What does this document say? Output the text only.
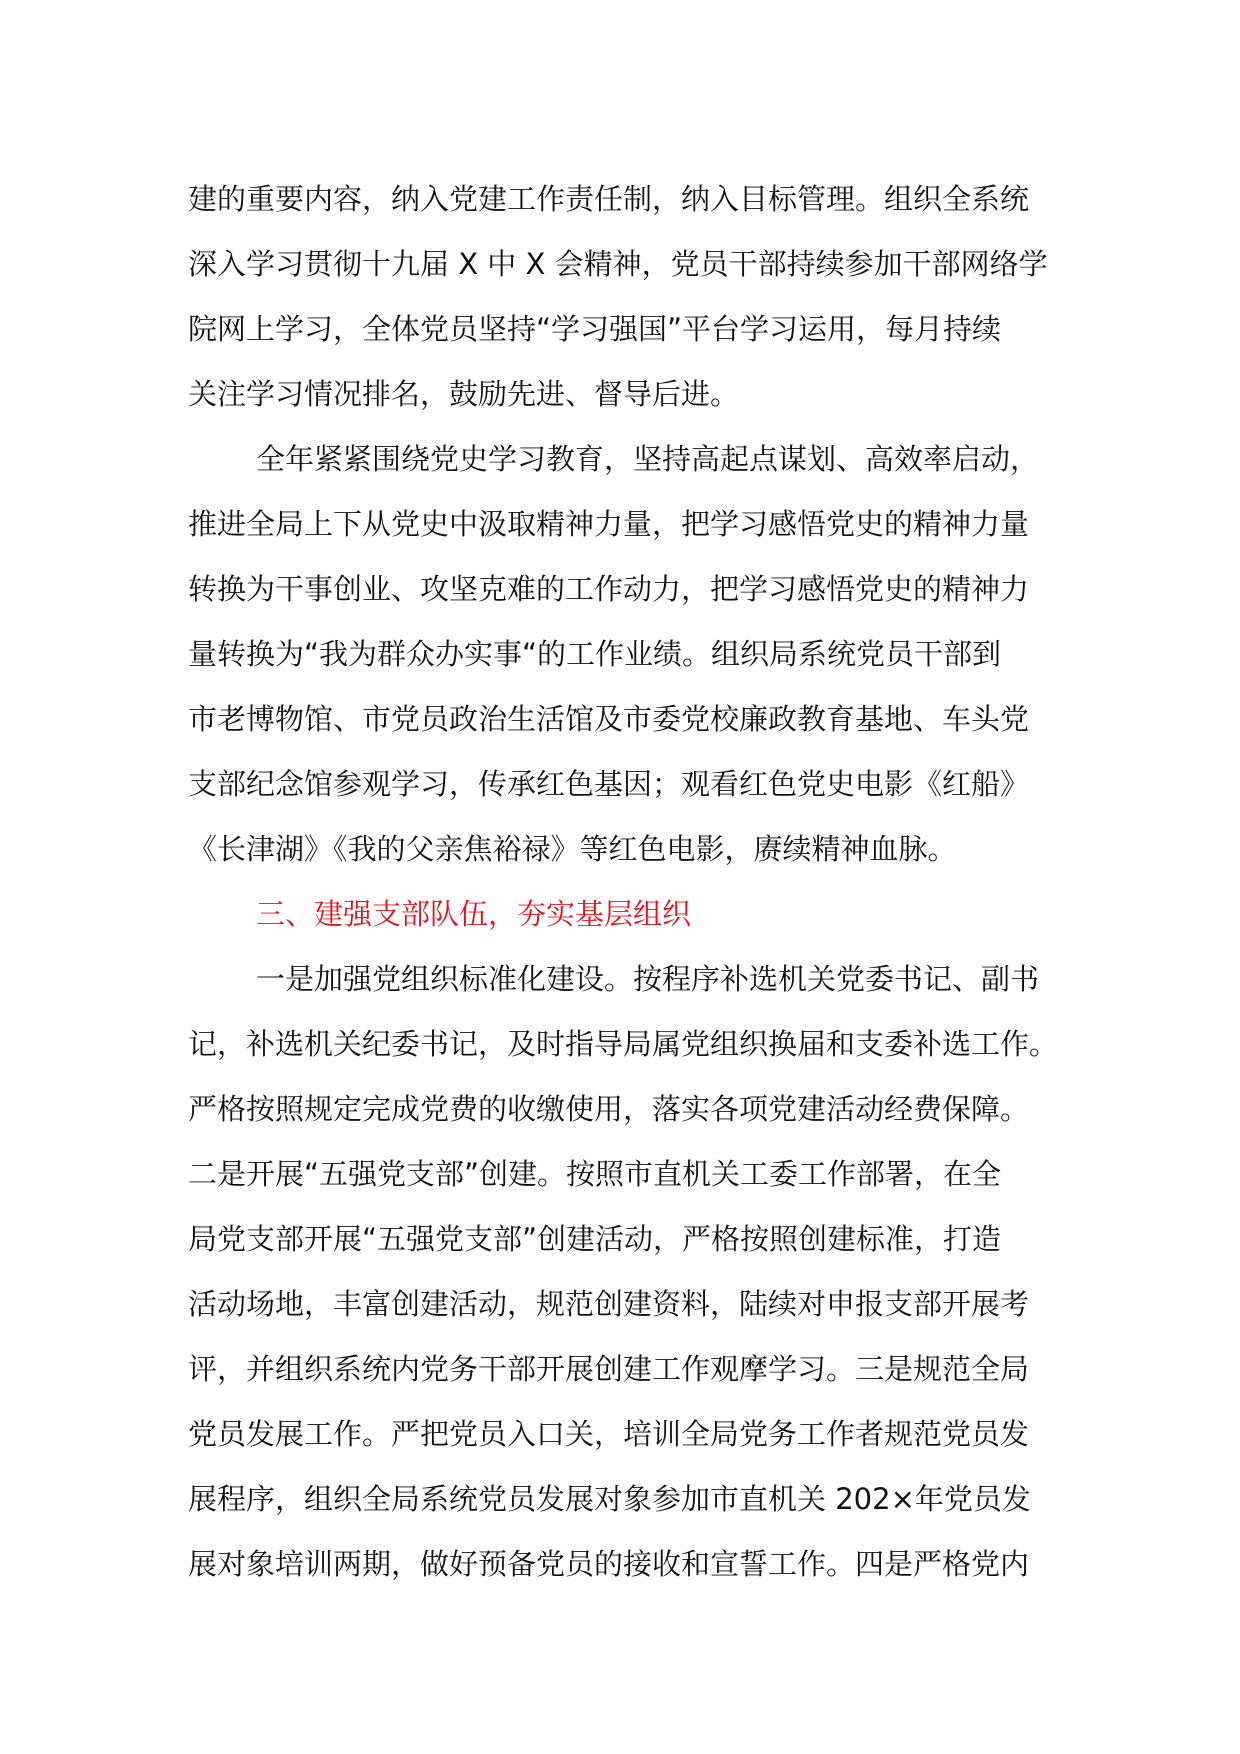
建的重要内容，纳入党建工作责任制，纳入目标管理。组织全系统
深入学习贯彻十九届 X 中 X 会精神，党员干部持续参加干部网络学
院网上学习，全体党员坚持“学习强国”平台学习运用，每月持续
关注学习情况排名，鼓励先进、督导后进。
全年紧紧围绕党史学习教育，坚持高起点谋划、高效率启动，
推进全局上下从党史中汲取精神力量，把学习感悟党史的精神力量
转换为干事创业、攻坚克难的工作动力，把学习感悟党史的精神力
量转换为“我为群众办实事“的工作业绩。组织局系统党员干部到
市老博物馆、市党员政治生活馆及市委党校廉政教育基地、车头党
支部纪念馆参观学习，传承红色基因；观看红色党史电影《红船》
《长津湖》《我的父亲焦裕禄》等红色电影，赓续精神血脉。
三、建强支部队伍，夯实基层组织
一是加强党组织标准化建设。按程序补选机关党委书记、副书
记，补选机关纪委书记，及时指导局属党组织换届和支委补选工作。
严格按照规定完成党费的收缴使用，落实各项党建活动经费保障。
二是开展“五强党支部”创建。按照市直机关工委工作部署，在全
局党支部开展“五强党支部”创建活动，严格按照创建标准，打造
活动场地，丰富创建活动，规范创建资料，陆续对申报支部开展考
评，并组织系统内党务干部开展创建工作观摩学习。三是规范全局
党员发展工作。严把党员入口关，培训全局党务工作者规范党员发
展程序，组织全局系统党员发展对象参加市直机关 202×年党员发
展对象培训两期，做好预备党员的接收和宣誓工作。四是严格党内
